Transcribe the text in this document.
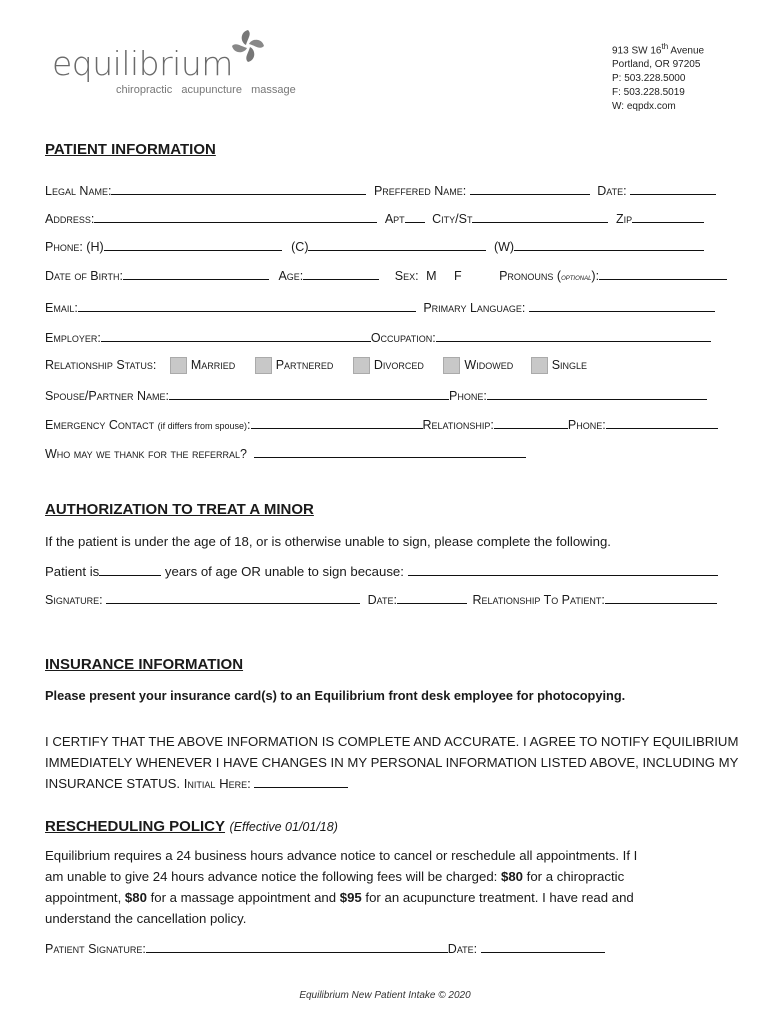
equilibrium
chiropractic   acupuncture   massage
913 SW 16th Avenue
Portland, OR 97205
P: 503.228.5000
F: 503.228.5019
W: eqpdx.com
PATIENT INFORMATION
Legal Name:	Preffered Name:	Date:
Address:	Apt City/St	Zip
Phone: (H)	(C)	(W)
Date of Birth:	Age:	Sex: M F	Pronouns (optional):
Email:	Primary Language:
Employer:	Occupation:
Relationship Status:	Married	Partnered	Divorced	Widowed	Single
Spouse/Partner Name:	Phone:
Emergency Contact (if differs from spouse):	Relationship:	Phone:
Who may we thank for the referral?
AUTHORIZATION TO TREAT A MINOR
If the patient is under the age of 18, or is otherwise unable to sign, please complete the following.
Patient is	years of age OR unable to sign because:
Signature:	Date:	Relationship To Patient:
INSURANCE INFORMATION
Please present your insurance card(s) to an Equilibrium front desk employee for photocopying.
I CERTIFY THAT THE ABOVE INFORMATION IS COMPLETE AND ACCURATE. I AGREE TO NOTIFY EQUILIBRIUM
IMMEDIATELY WHENEVER I HAVE CHANGES IN MY PERSONAL INFORMATION LISTED ABOVE, INCLUDING MY
INSURANCE STATUS. Initial Here:
RESCHEDULING POLICY (Effective 01/01/18)
Equilibrium requires a 24 business hours advance notice to cancel or reschedule all appointments. If I
am unable to give 24 hours advance notice the following fees will be charged: $80 for a chiropractic
appointment, $80 for a massage appointment and $95 for an acupuncture treatment. I have read and
understand the cancellation policy.
Patient Signature:	Date:
Equilibrium New Patient Intake © 2020
